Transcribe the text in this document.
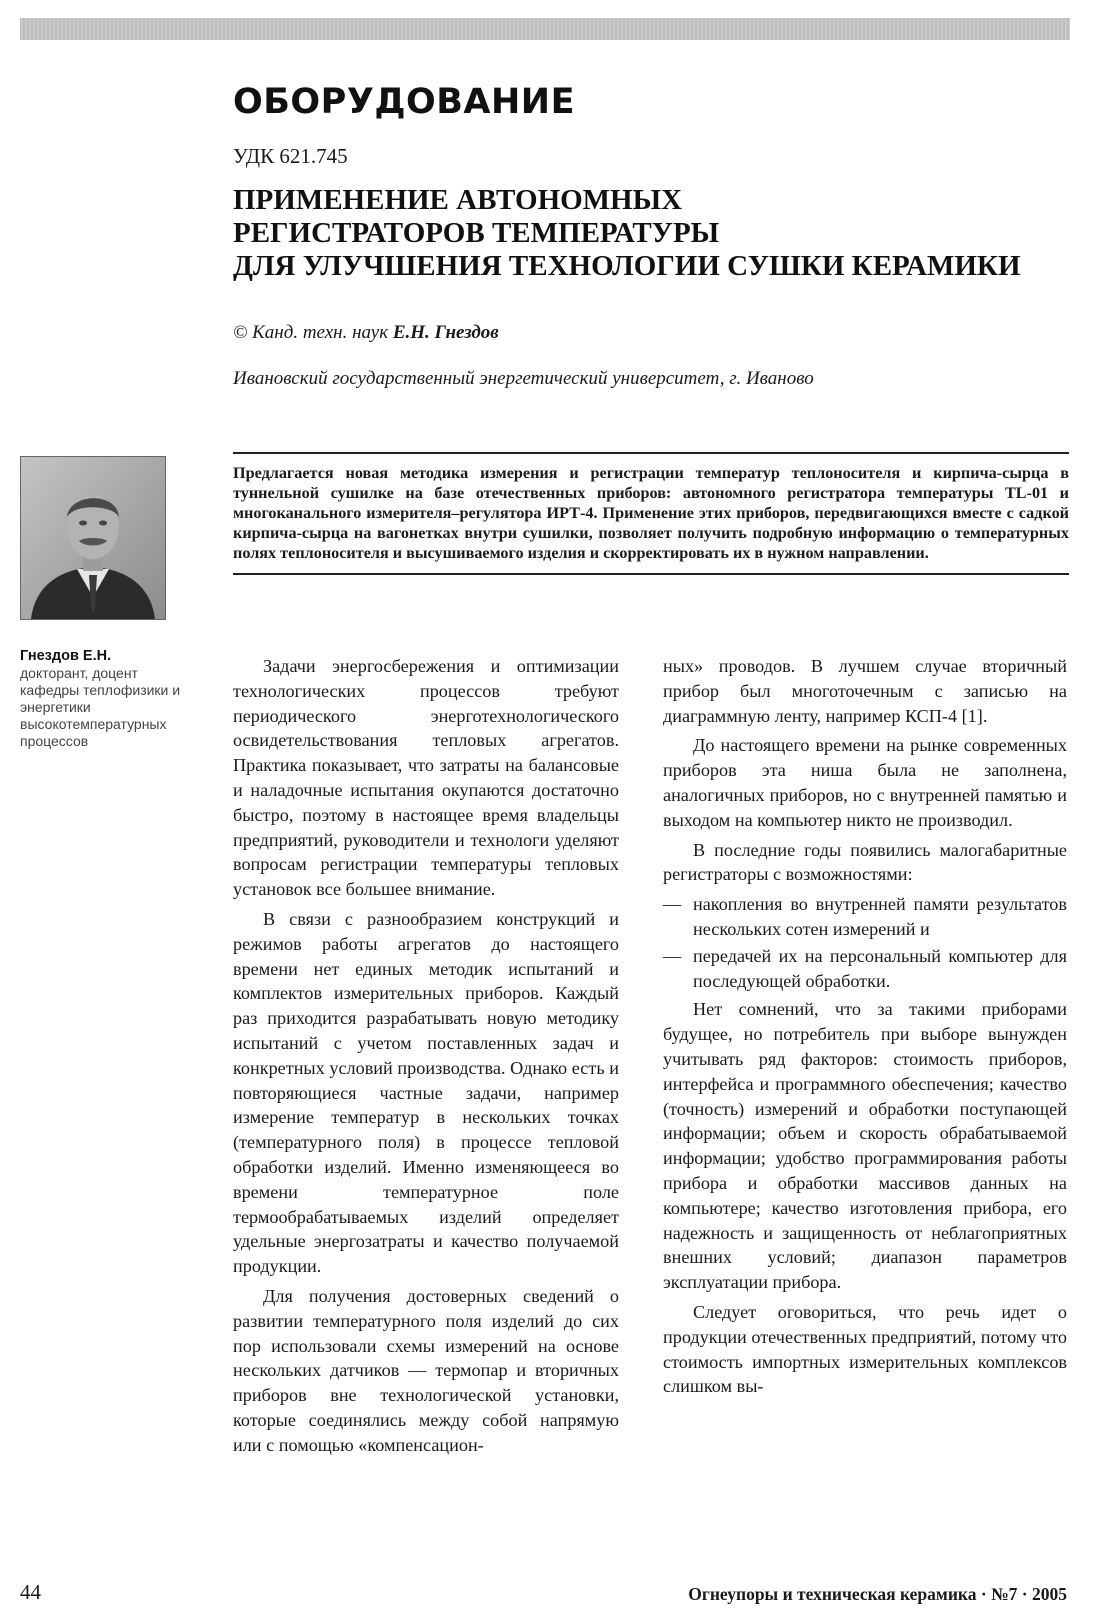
ОБОРУДОВАНИЕ
УДК 621.745
ПРИМЕНЕНИЕ АВТОНОМНЫХ
РЕГИСТРАТОРОВ ТЕМПЕРАТУРЫ
ДЛЯ УЛУЧШЕНИЯ ТЕХНОЛОГИИ СУШКИ КЕРАМИКИ
© Канд. техн. наук Е.Н. Гнездов
Ивановский государственный энергетический университет, г. Иваново
Гнездов Е.Н.
докторант, доцент кафедры теплофизики и энергетики высокотемпературных процессов
Предлагается новая методика измерения и регистрации температур теплоносителя и кирпича-сырца в туннельной сушилке на базе отечественных приборов: автономного регистратора температуры TL-01 и многоканального измерителя–регулятора ИРТ-4. Применение этих приборов, передвигающихся вместе с садкой кирпича-сырца на вагонетках внутри сушилки, позволяет получить подробную информацию о температурных полях теплоносителя и высушиваемого изделия и скорректировать их в нужном направлении.

Задачи энергосбережения и оптимизации технологических процессов требуют периодического энерготехнологического освидетельствования тепловых агрегатов. Практика показывает, что затраты на балансовые и наладочные испытания окупаются достаточно быстро, поэтому в настоящее время владельцы предприятий, руководители и технологи уделяют вопросам регистрации температуры тепловых установок все большее внимание.

В связи с разнообразием конструкций и режимов работы агрегатов до настоящего времени нет единых методик испытаний и комплектов измерительных приборов. Каждый раз приходится разрабатывать новую методику испытаний с учетом поставленных задач и конкретных условий производства. Однако есть и повторяющиеся частные задачи, например измерение температур в нескольких точках (температурного поля) в процессе тепловой обработки изделий. Именно изменяющееся во времени температурное поле термообрабатываемых изделий определяет удельные энергозатраты и качество получаемой продукции.

Для получения достоверных сведений о развитии температурного поля изделий до сих пор использовали схемы измерений на основе нескольких датчиков — термопар и вторичных приборов вне технологической установки, которые соединялись между собой напрямую или с помощью «компенсацион-

ных» проводов. В лучшем случае вторичный прибор был многоточечным с записью на диаграммную ленту, например КСП-4 [1].

До настоящего времени на рынке современных приборов эта ниша была не заполнена, аналогичных приборов, но с внутренней памятью и выходом на компьютер никто не производил.

В последние годы появились малогабаритные регистраторы с возможностями:

— накопления во внутренней памяти результатов нескольких сотен измерений и
— передачей их на персональный компьютер для последующей обработки.

Нет сомнений, что за такими приборами будущее, но потребитель при выборе вынужден учитывать ряд факторов: стоимость приборов, интерфейса и программного обеспечения; качество (точность) измерений и обработки поступающей информации; объем и скорость обрабатываемой информации; удобство программирования работы прибора и обработки массивов данных на компьютере; качество изготовления прибора, его надежность и защищенность от неблагоприятных внешних условий; диапазон параметров эксплуатации прибора.

Следует оговориться, что речь идет о продукции отечественных предприятий, потому что стоимость импортных измерительных комплексов слишком вы-

44	Огнеупоры и техническая керамика · №7 · 2005
